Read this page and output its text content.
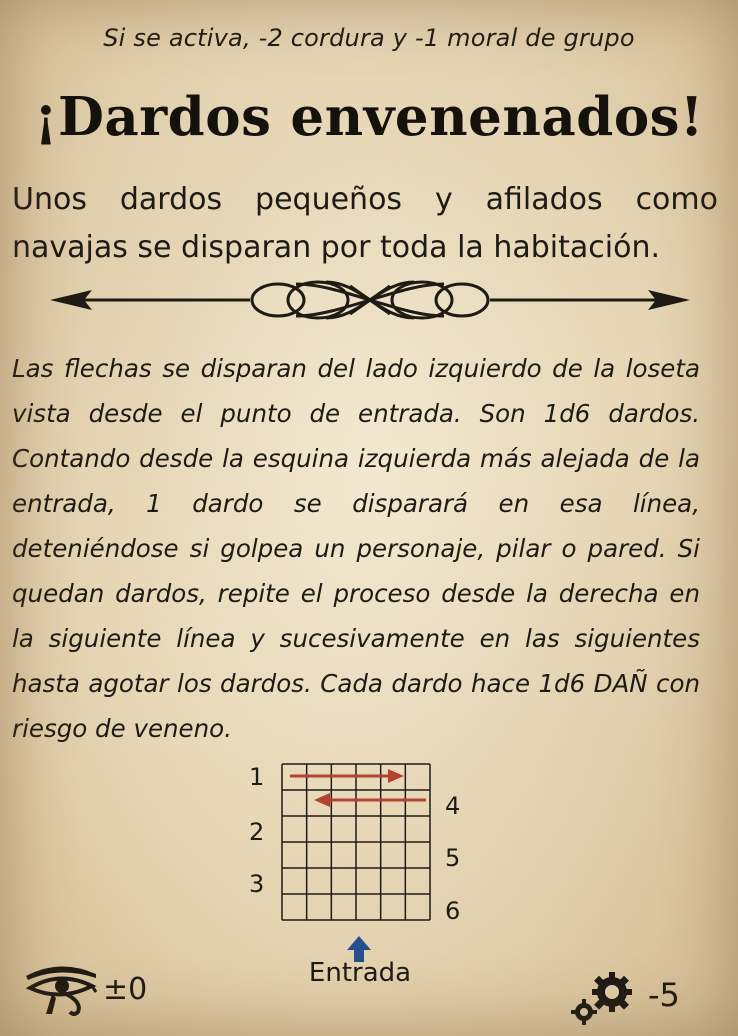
Si se activa, -2 cordura y -1 moral de grupo
¡Dardos envenenados!
Unos dardos pequeños y afilados como navajas se disparan por toda la habitación.
Las flechas se disparan del lado izquierdo de la loseta vista desde el punto de entrada. Son 1d6 dardos. Contando desde la esquina izquierda más alejada de la entrada, 1 dardo se disparará en esa línea, deteniéndose si golpea un personaje, pilar o pared. Si quedan dardos, repite el proceso desde la derecha en la siguiente línea y sucesivamente en las siguientes hasta agotar los dardos. Cada dardo hace 1d6 DAÑ con riesgo de veneno.
1
2
3
4
5
6
Entrada
±0	-5
